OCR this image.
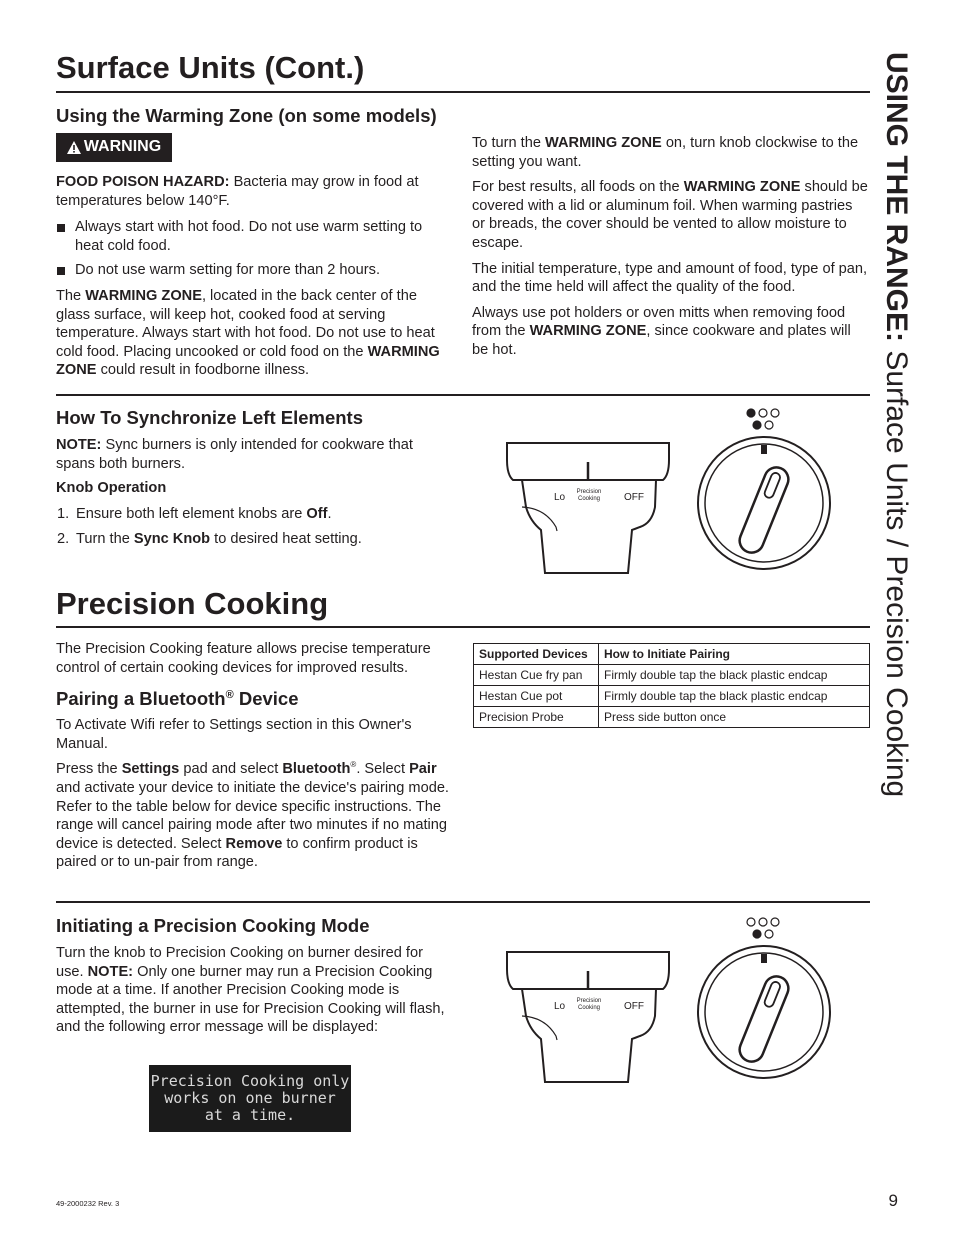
Surface Units (Cont.)	USING THE RANGE: Surface Units / Precision Cooking
Using the Warming Zone (on some models)
WARNING

FOOD POISON HAZARD: Bacteria may grow in food at temperatures below 140°F.

Always start with hot food. Do not use warm setting to heat cold food.

Do not use warm setting for more than 2 hours.

The WARMING ZONE, located in the back center of the glass surface, will keep hot, cooked food at serving temperature. Always start with hot food. Do not use to heat cold food. Placing uncooked or cold food on the WARMING ZONE could result in foodborne illness.

To turn the WARMING ZONE on, turn knob clockwise to the setting you want.

For best results, all foods on the WARMING ZONE should be covered with a lid or aluminum foil. When warming pastries or breads, the cover should be vented to allow moisture to escape.

The initial temperature, type and amount of food, type of pan, and the time held will affect the quality of the food.

Always use pot holders or oven mitts when removing food from the WARMING ZONE, since cookware and plates will be hot.

How To Synchronize Left Elements

NOTE: Sync burners is only intended for cookware that spans both burners.

Knob Operation

1. Ensure both left element knobs are Off.

2. Turn the Sync Knob to desired heat setting.

Lo Precision
Cooking OFF
Precision Cooking

The Precision Cooking feature allows precise temperature control of certain cooking devices for improved results.

Pairing a Bluetooth® Device

To Activate Wifi refer to Settings section in this Owner's Manual.

Press the Settings pad and select Bluetooth®. Select Pair and activate your device to initiate the device's pairing mode. Refer to the table below for device specific instructions. The range will cancel pairing mode after two minutes if no mating device is detected. Select Remove to confirm product is paired or to un-pair from range.

Supported Devices	How to Initiate Pairing
Hestan Cue fry pan	Firmly double tap the black plastic endcap
Hestan Cue pot	Firmly double tap the black plastic endcap
Precision Probe	Press side button once
Initiating a Precision Cooking Mode
Turn the knob to Precision Cooking on burner desired for use. NOTE: Only one burner may run a Precision Cooking mode at a time. If another Precision Cooking mode is attempted, the burner in use for Precision Cooking will flash, and the following error message will be displayed:
Precision Cooking only
works on one burner
at a time.
Lo Precision
Cooking OFF
49-2000232 Rev. 3	9
